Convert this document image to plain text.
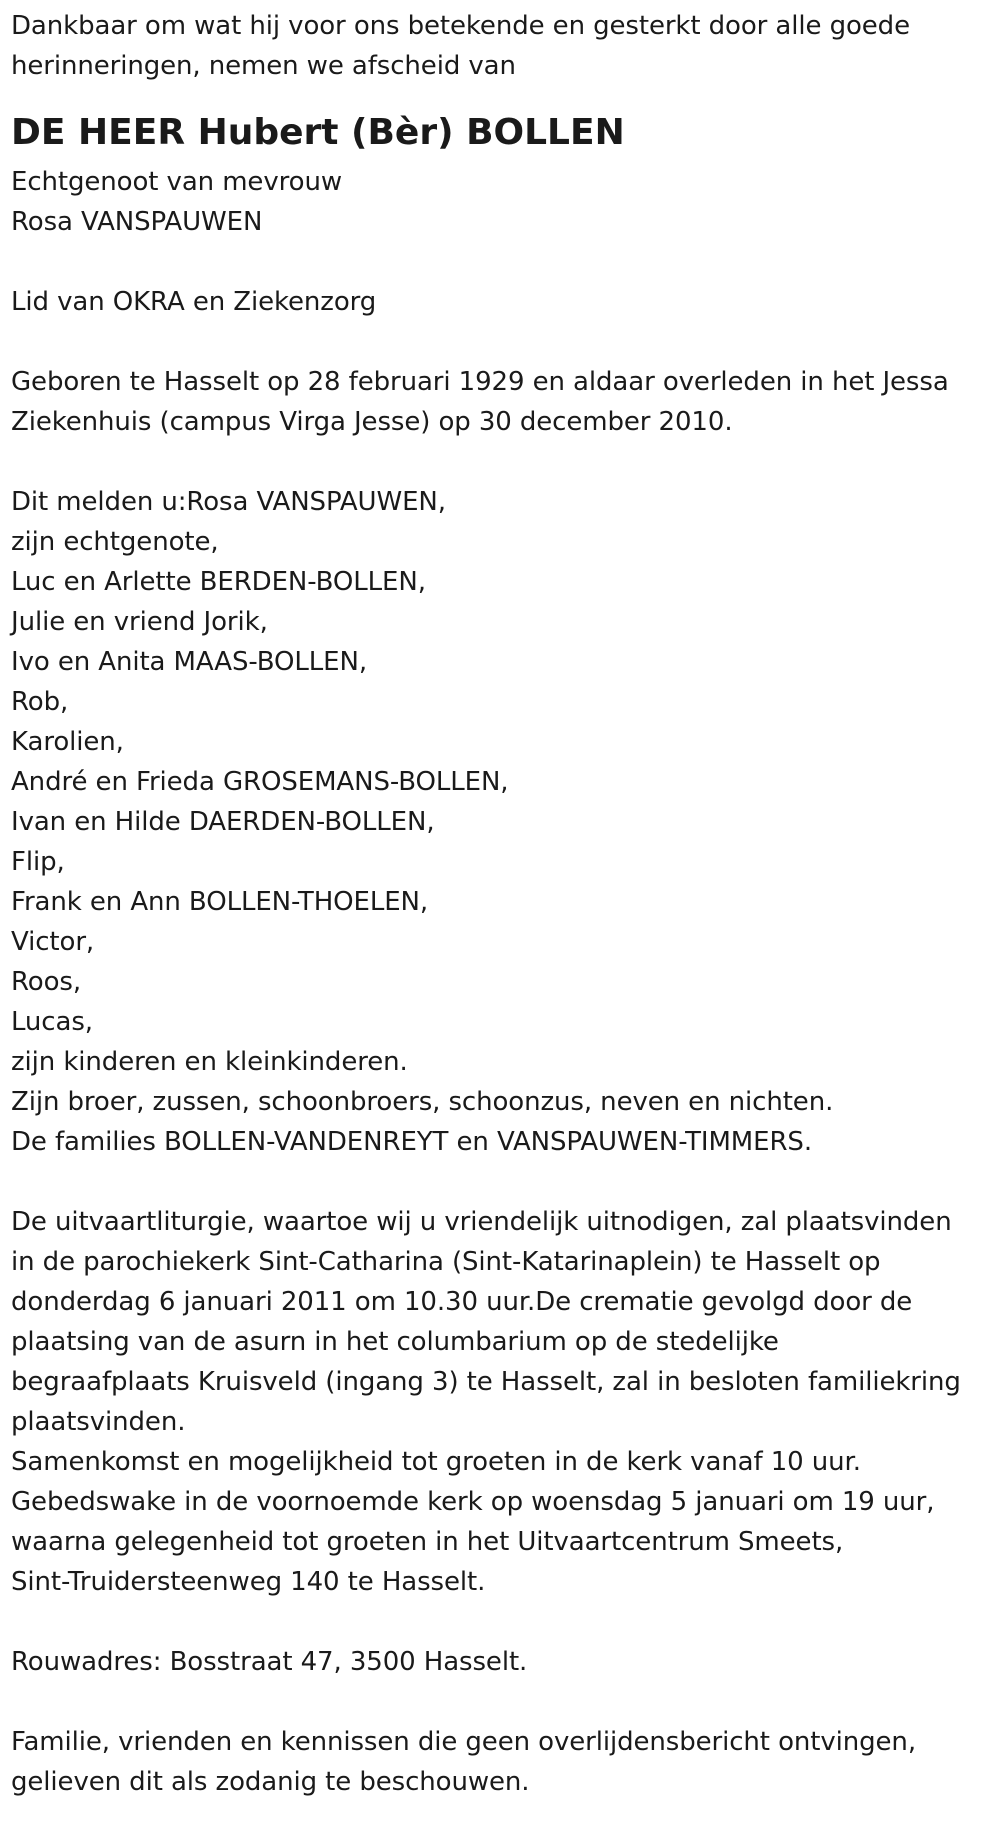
Dankbaar om wat hij voor ons betekende en gesterkt door alle goede
herinneringen, nemen we afscheid van
DE HEER Hubert (Bèr) BOLLEN
Echtgenoot van mevrouw
Rosa VANSPAUWEN
Lid van OKRA en Ziekenzorg
Geboren te Hasselt op 28 februari 1929 en aldaar overleden in het Jessa
Ziekenhuis (campus Virga Jesse) op 30 december 2010.
Dit melden u:Rosa VANSPAUWEN,
zijn echtgenote,
Luc en Arlette BERDEN-BOLLEN,
Julie en vriend Jorik,
Ivo en Anita MAAS-BOLLEN,
Rob,
Karolien,
André en Frieda GROSEMANS-BOLLEN,
Ivan en Hilde DAERDEN-BOLLEN,
Flip,
Frank en Ann BOLLEN-THOELEN,
Victor,
Roos,
Lucas,
zijn kinderen en kleinkinderen.
Zijn broer, zussen, schoonbroers, schoonzus, neven en nichten.
De families BOLLEN-VANDENREYT en VANSPAUWEN-TIMMERS.
De uitvaartliturgie, waartoe wij u vriendelijk uitnodigen, zal plaatsvinden
in de parochiekerk Sint-Catharina (Sint-Katarinaplein) te Hasselt op
donderdag 6 januari 2011 om 10.30 uur.De crematie gevolgd door de
plaatsing van de asurn in het columbarium op de stedelijke
begraafplaats Kruisveld (ingang 3) te Hasselt, zal in besloten familiekring
plaatsvinden.
Samenkomst en mogelijkheid tot groeten in de kerk vanaf 10 uur.
Gebedswake in de voornoemde kerk op woensdag 5 januari om 19 uur,
waarna gelegenheid tot groeten in het Uitvaartcentrum Smeets,
Sint-Truidersteenweg 140 te Hasselt.
Rouwadres: Bosstraat 47, 3500 Hasselt.
Familie, vrienden en kennissen die geen overlijdensbericht ontvingen,
gelieven dit als zodanig te beschouwen.
